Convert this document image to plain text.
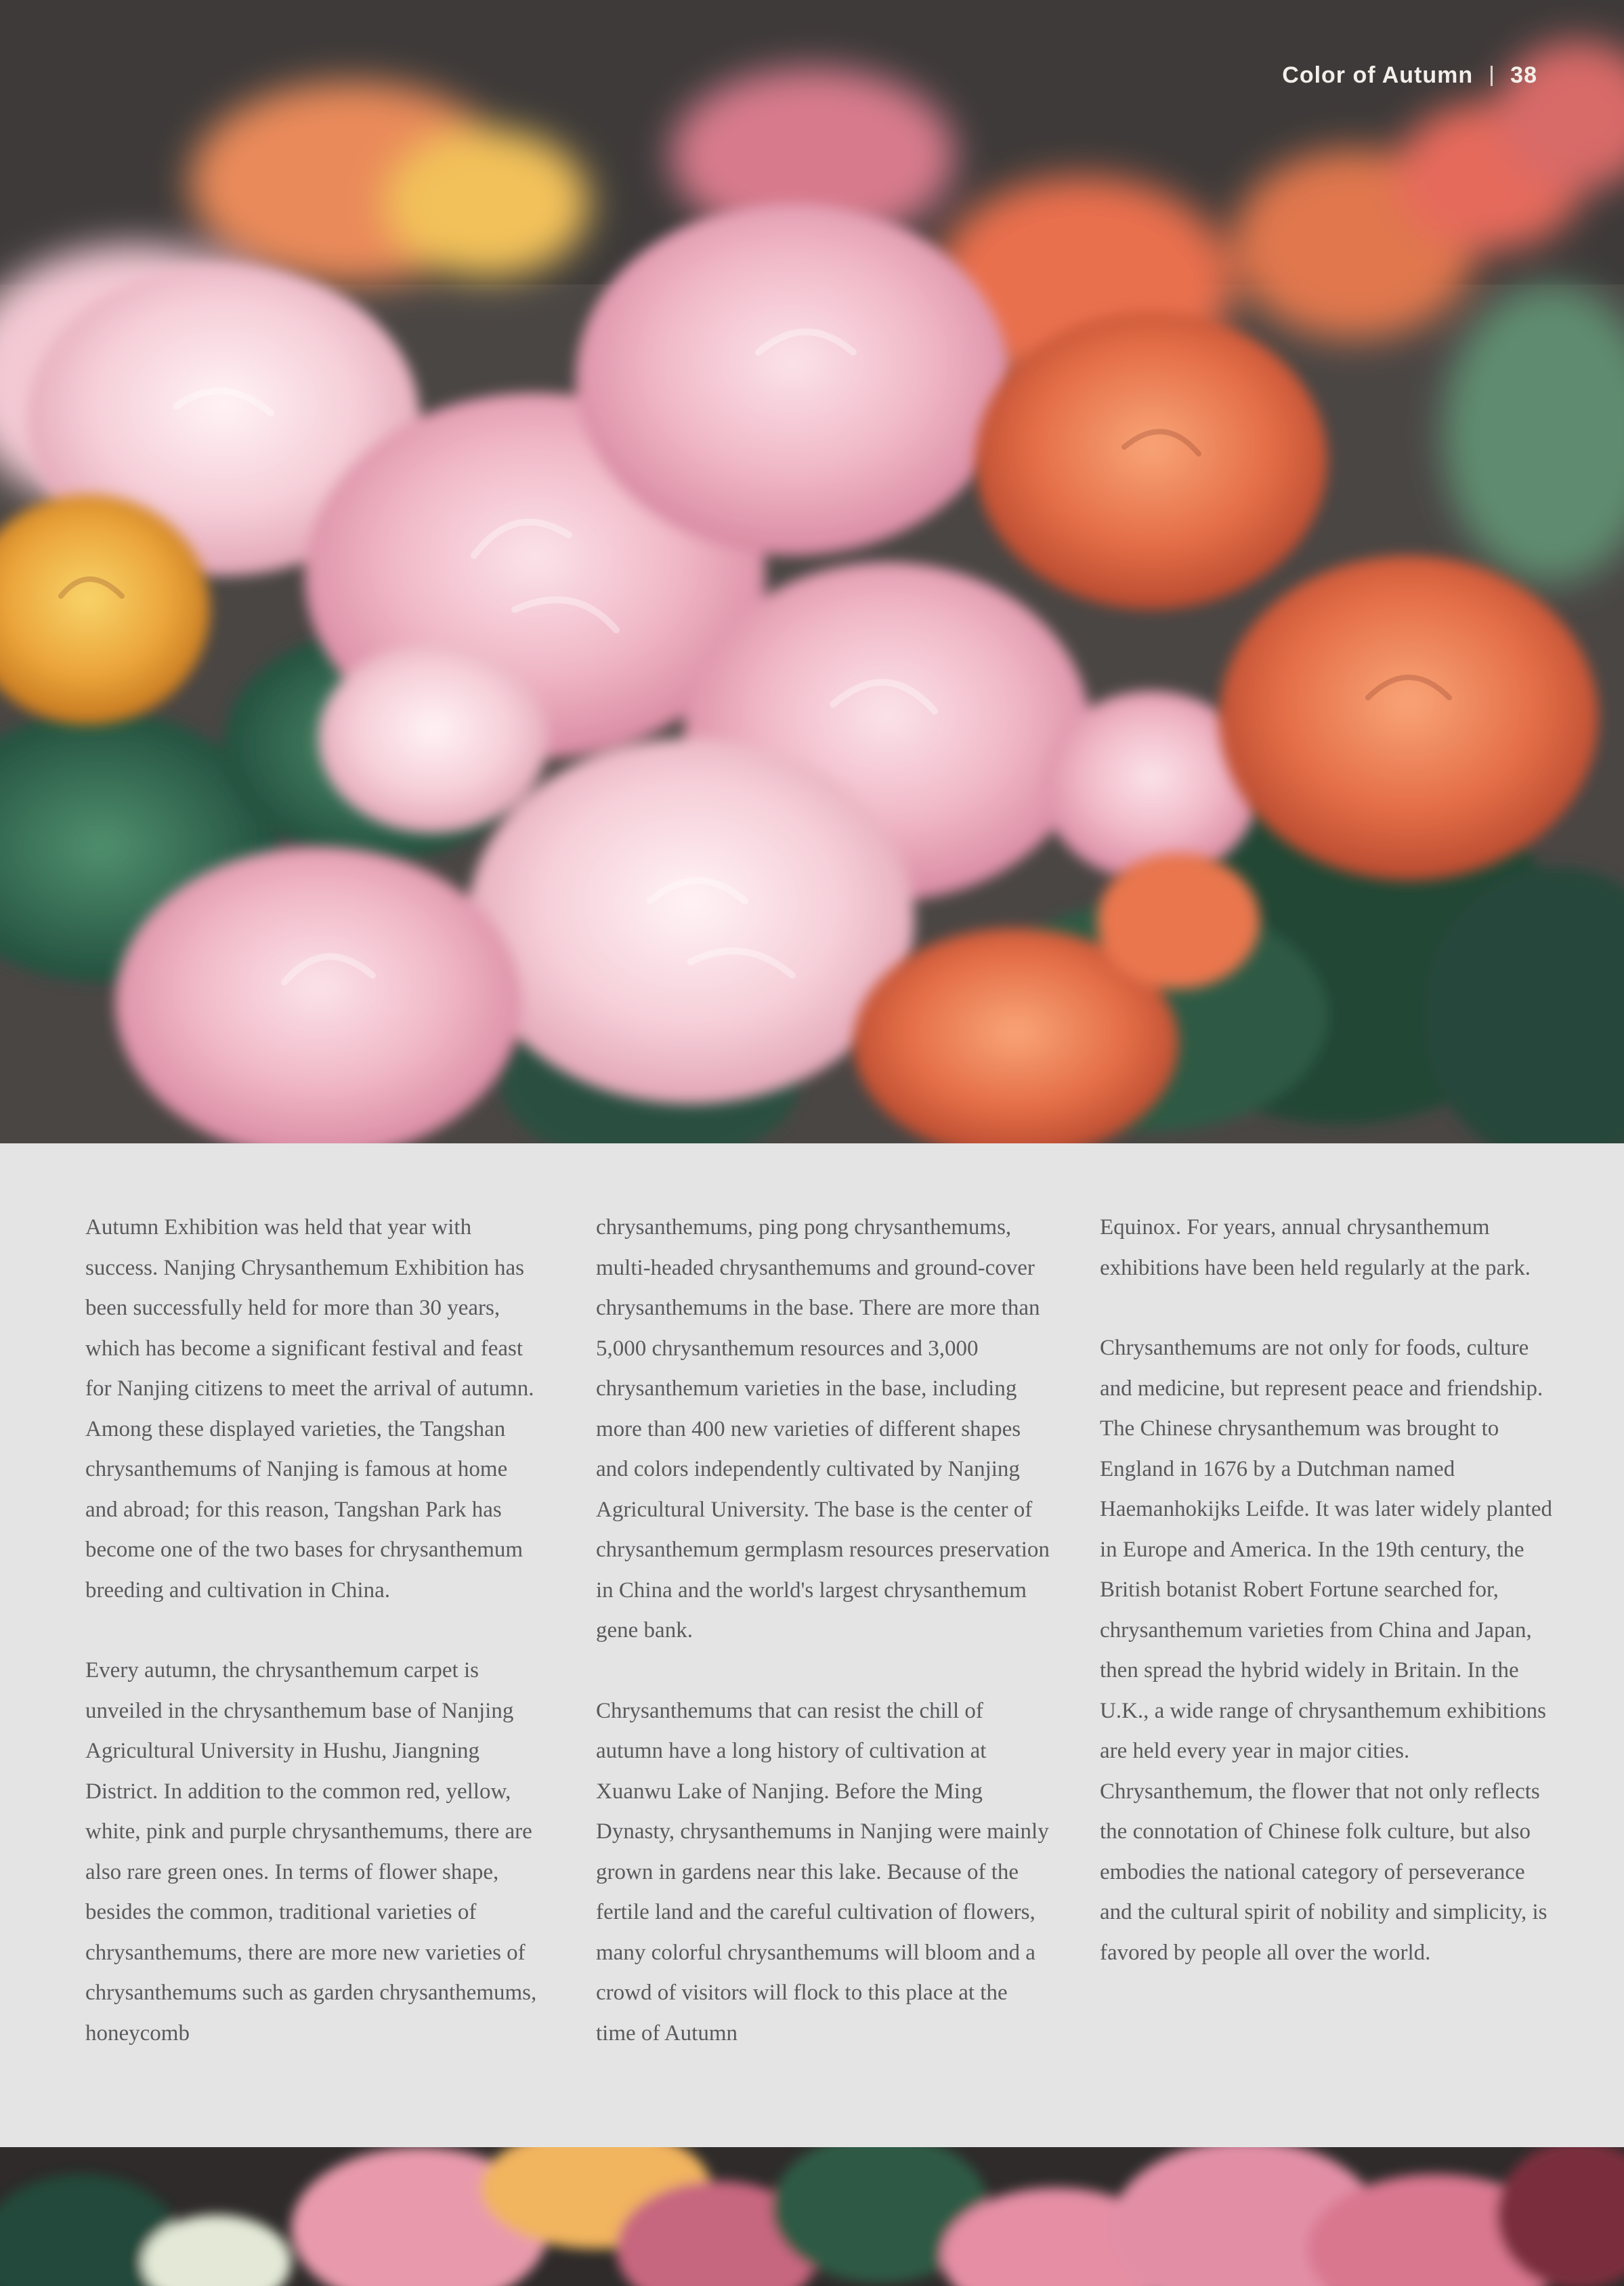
Color of Autumn 38

Autumn Exhibition was held that year with success. Nanjing Chrysanthemum Exhibition has been successfully held for more than 30 years, which has become a significant festival and feast for Nanjing citizens to meet the arrival of autumn. Among these displayed varieties, the Tangshan chrysanthemums of Nanjing is famous at home and abroad; for this reason, Tangshan Park has become one of the two bases for chrysanthemum breeding and cultivation in China.

Every autumn, the chrysanthemum carpet is unveiled in the chrysanthemum base of Nanjing Agricultural University in Hushu, Jiangning District. In addition to the common red, yellow, white, pink and purple chrysanthemums, there are also rare green ones. In terms of flower shape, besides the common, traditional varieties of chrysanthemums, there are more new varieties of chrysanthemums such as garden chrysanthemums, honeycomb

chrysanthemums, ping pong chrysanthemums, multi-headed chrysanthemums and ground-cover chrysanthemums in the base. There are more than 5,000 chrysanthemum resources and 3,000 chrysanthemum varieties in the base, including more than 400 new varieties of different shapes and colors independently cultivated by Nanjing Agricultural University. The base is the center of chrysanthemum germplasm resources preservation in China and the world's largest chrysanthemum gene bank.

Chrysanthemums that can resist the chill of autumn have a long history of cultivation at Xuanwu Lake of Nanjing. Before the Ming Dynasty, chrysanthemums in Nanjing were mainly grown in gardens near this lake. Because of the fertile land and the careful cultivation of flowers, many colorful chrysanthemums will bloom and a crowd of visitors will flock to this place at the time of Autumn

Equinox. For years, annual chrysanthemum exhibitions have been held regularly at the park.

Chrysanthemums are not only for foods, culture and medicine, but represent peace and friendship. The Chinese chrysanthemum was brought to England in 1676 by a Dutchman named Haemanhokijks Leifde. It was later widely planted in Europe and America. In the 19th century, the British botanist Robert Fortune searched for, chrysanthemum varieties from China and Japan, then spread the hybrid widely in Britain. In the U.K., a wide range of chrysanthemum exhibitions are held every year in major cities. Chrysanthemum, the flower that not only reflects the connotation of Chinese folk culture, but also embodies the national category of perseverance and the cultural spirit of nobility and simplicity, is favored by people all over the world.
